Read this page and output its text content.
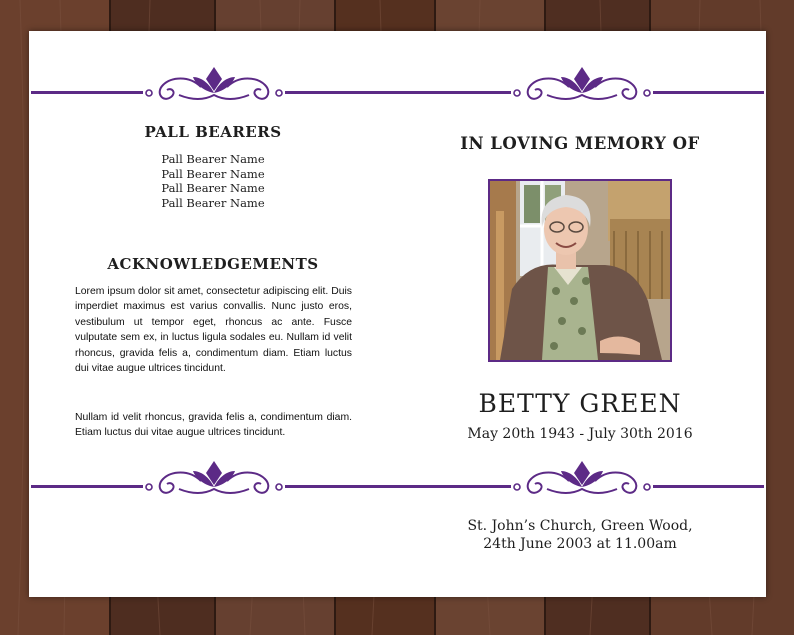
PALL BEARERS
Pall Bearer Name
Pall Bearer Name
Pall Bearer Name
Pall Bearer Name
ACKNOWLEDGEMENTS

Lorem ipsum dolor sit amet, consectetur adipiscing elit. Duis imperdiet maximus est varius convallis. Nunc justo eros, vestibulum ut tempor eget, rhoncus ac ante. Fusce vulputate sem ex, in luctus ligula sodales eu. Nullam id velit rhoncus, gravida felis a, condimentum diam. Etiam luctus dui vitae augue ultrices tincidunt.

Nullam id velit rhoncus, gravida felis a, condimentum diam. Etiam luctus dui vitae augue ultrices tincidunt.

IN LOVING MEMORY OF
BETTY GREEN
May 20th 1943 - July 30th 2016
St. John’s Church, Green Wood,
24th June 2003 at 11.00am
